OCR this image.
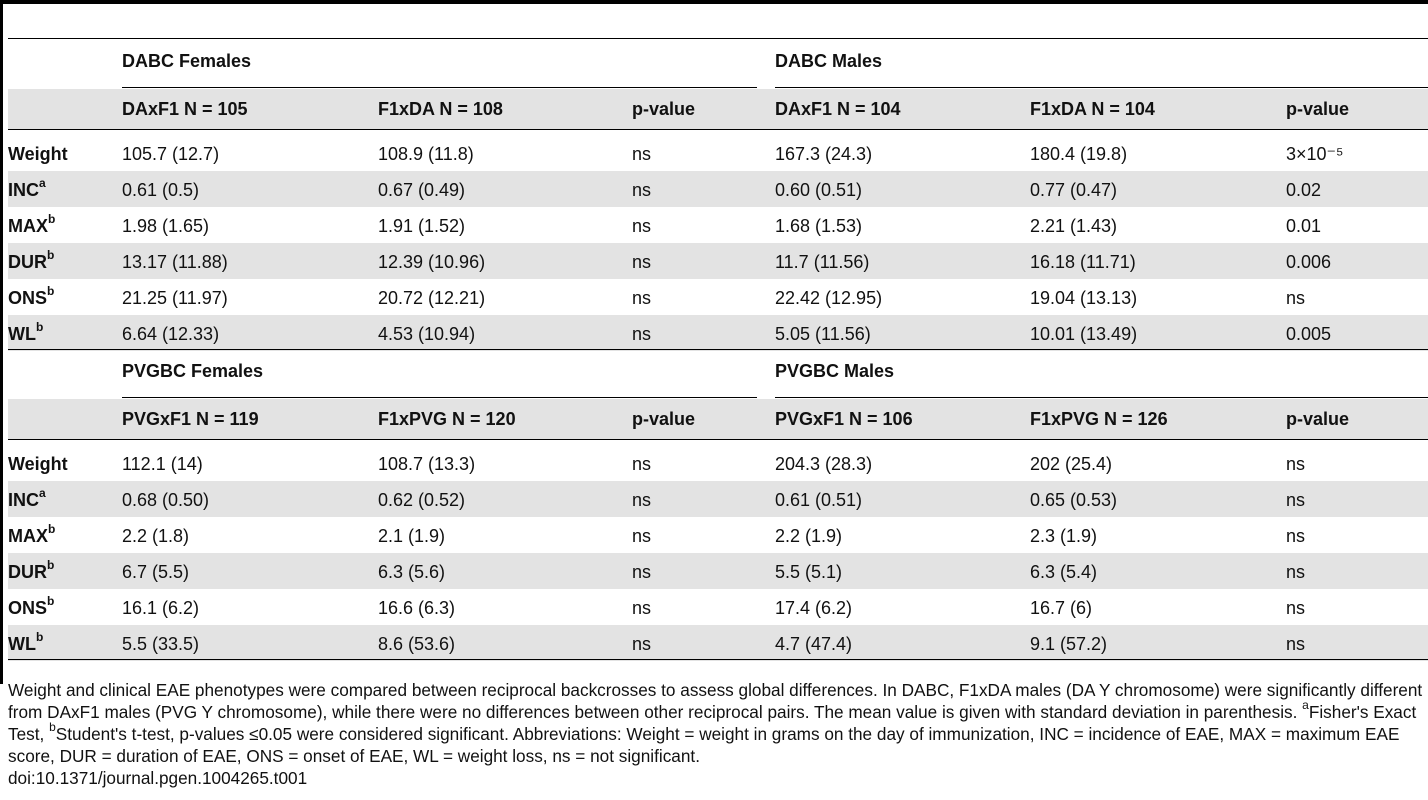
DABC Females	DABC Males
DAxF1 N = 105	F1xDA N = 108	p-value	DAxF1 N = 104	F1xDA N = 104	p-value
Weight	105.7 (12.7)	108.9 (11.8)	ns	167.3 (24.3)	180.4 (19.8)	3×10⁻⁵
INC$^a$	0.61 (0.5)	0.67 (0.49)	ns	0.60 (0.51)	0.77 (0.47)	0.02
MAX$^b$	1.98 (1.65)	1.91 (1.52)	ns	1.68 (1.53)	2.21 (1.43)	0.01
DUR$^b$	13.17 (11.88)	12.39 (10.96)	ns	11.7 (11.56)	16.18 (11.71)	0.006
ONS$^b$	21.25 (11.97)	20.72 (12.21)	ns	22.42 (12.95)	19.04 (13.13)	ns
$WL^b$	6.64 (12.33)	4.53 (10.94)	ns	5.05 (11.56)	10.01 (13.49)	0.005
PVGBC Females	PVGBC Males
PVGxF1 N = 119	F1xPVG N = 120	p-value	PVGxF1 N = 106	F1xPVG N = 126	p-value
Weight	112.1 (14)	108.7 (13.3)	ns	204.3 (28.3)	202 (25.4)	ns
INC$^a$	0.68 (0.50)	0.62 (0.52)	ns	0.61 (0.51)	0.65 (0.53)	ns
MAX$^b$	2.2 (1.8)	2.1 (1.9)	ns	2.2 (1.9)	2.3 (1.9)	ns
DUR$^b$	6.7 (5.5)	6.3 (5.6)	ns	5.5 (5.1)	6.3 (5.4)	ns
ONS$^b$	16.1 (6.2)	16.6 (6.3)	ns	17.4 (6.2)	16.7 (6)	ns
$WL^b$	5.5 (33.5)	8.6 (53.6)	ns	4.7 (47.4)	9.1 (57.2)	ns

Weight and clinical EAE phenotypes were compared between reciprocal backcrosses to assess global differences. In DABC, F1xDA males (DA Y chromosome) were significantly different from DAxF1 males (PVG Y chromosome), while there were no differences between other reciprocal pairs. The mean value is given with standard deviation in parenthesis. $^a$Fisher's Exact Test, $^b$Student's t-test, p-values ≤0.05 were considered significant. Abbreviations: Weight = weight in grams on the day of immunization, INC = incidence of EAE, MAX = maximum EAE score, DUR = duration of EAE, ONS = onset of EAE, WL = weight loss, ns = not significant.

doi:10.1371/journal.pgen.1004265.t001
